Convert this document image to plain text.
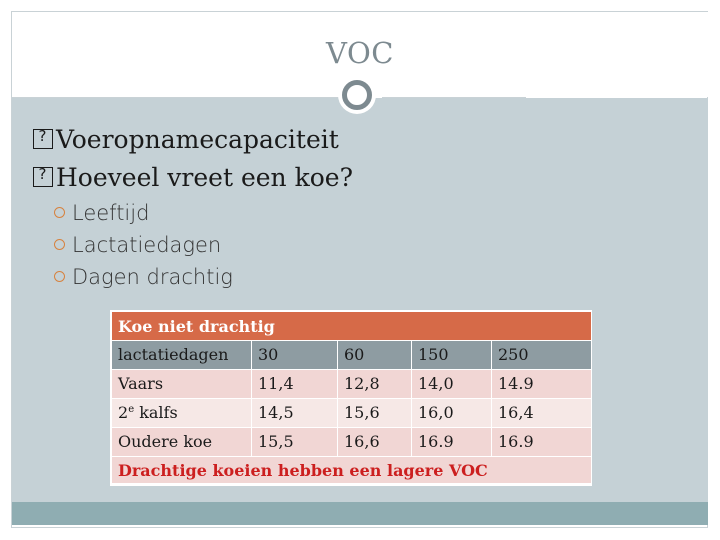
VOC
?Voeropnamecapaciteit
?Hoeveel vreet een koe?
Leeftijd
Lactatiedagen
Dagen drachtig
Koe niet drachtig
lactatiedagen	30	60	150	250
Vaars	11,4	12,8	14,0	14.9
2e kalfs	14,5	15,6	16,0	16,4
Oudere koe	15,5	16,6	16.9	16.9
Drachtige koeien hebben een lagere VOC
